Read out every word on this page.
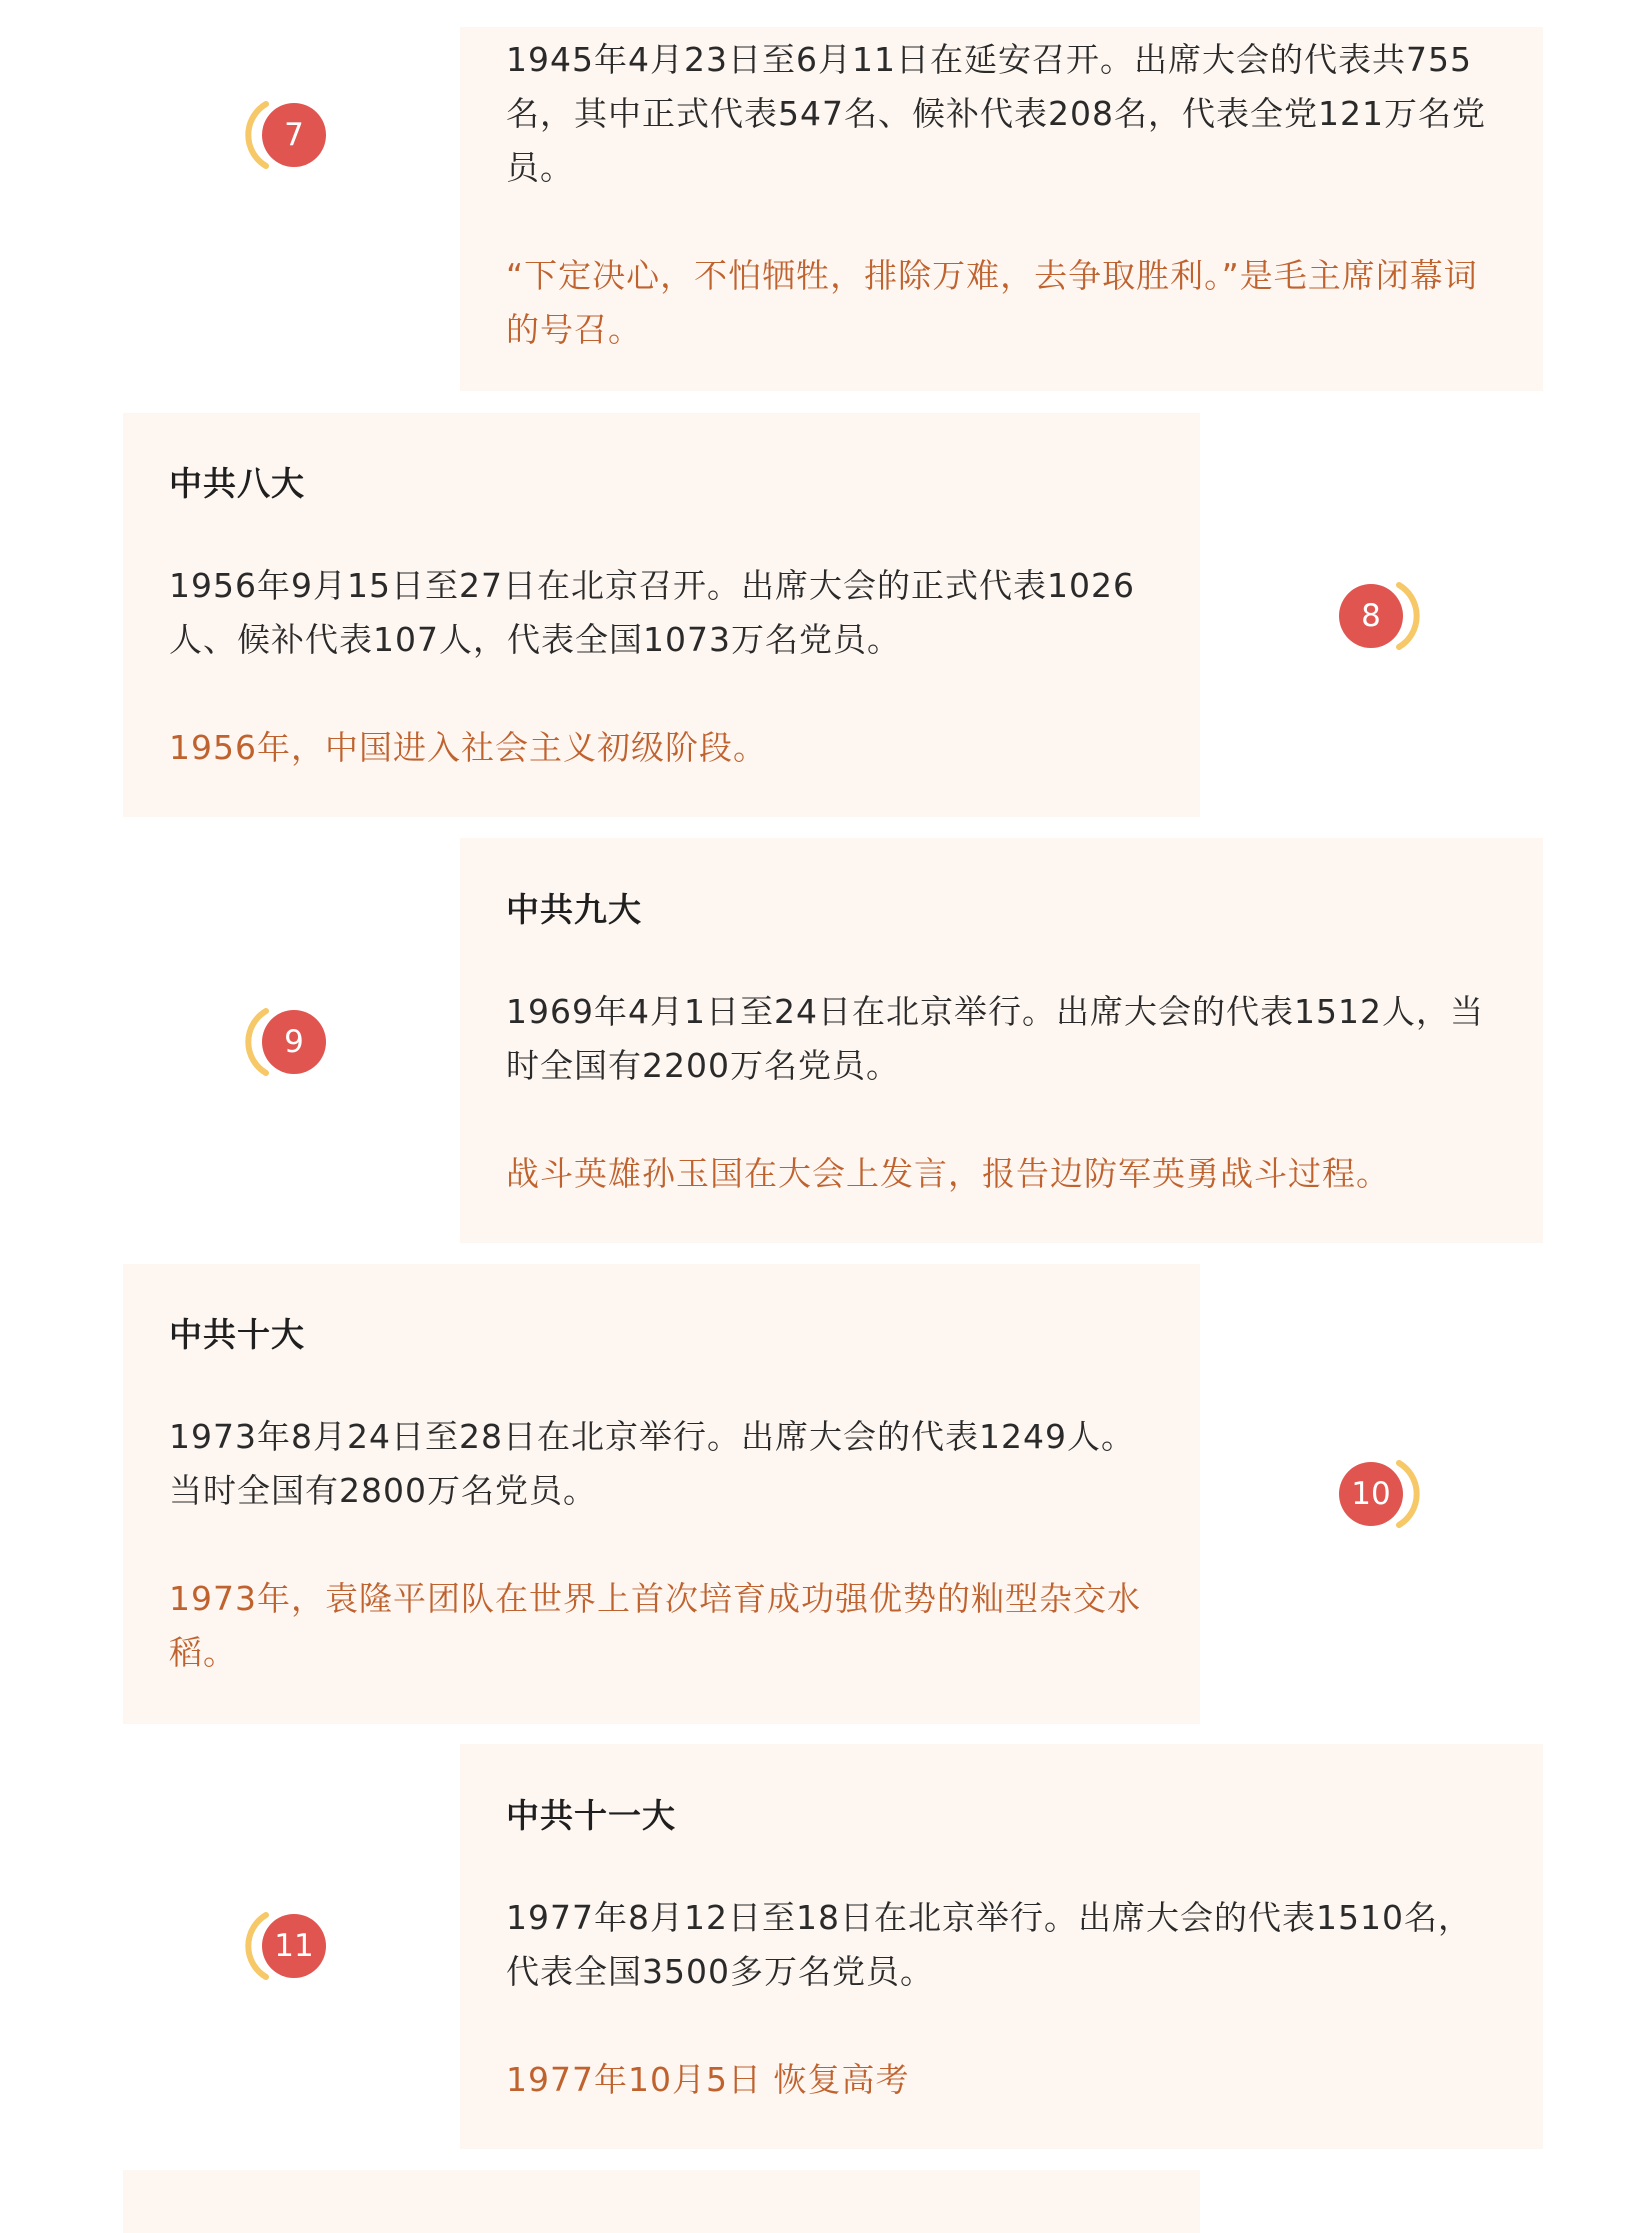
1945年4月23日至6月11日在延安召开。出席大会的代表共755名，其中正式代表547名、候补代表208名，代表全党121万名党员。
“下定决心，不怕牺牲，排除万难，去争取胜利。”是毛主席闭幕词的号召。
7
中共八大
1956年9月15日至27日在北京召开。出席大会的正式代表1026人、候补代表107人，代表全国1073万名党员。
1956年，中国进入社会主义初级阶段。
8
中共九大
1969年4月1日至24日在北京举行。出席大会的代表1512人，当时全国有2200万名党员。
战斗英雄孙玉国在大会上发言，报告边防军英勇战斗过程。
9
中共十大
1973年8月24日至28日在北京举行。出席大会的代表1249人。当时全国有2800万名党员。
1973年，袁隆平团队在世界上首次培育成功强优势的籼型杂交水稻。
10
中共十一大
1977年8月12日至18日在北京举行。出席大会的代表1510名，代表全国3500多万名党员。
1977年10月5日 恢复高考
11
